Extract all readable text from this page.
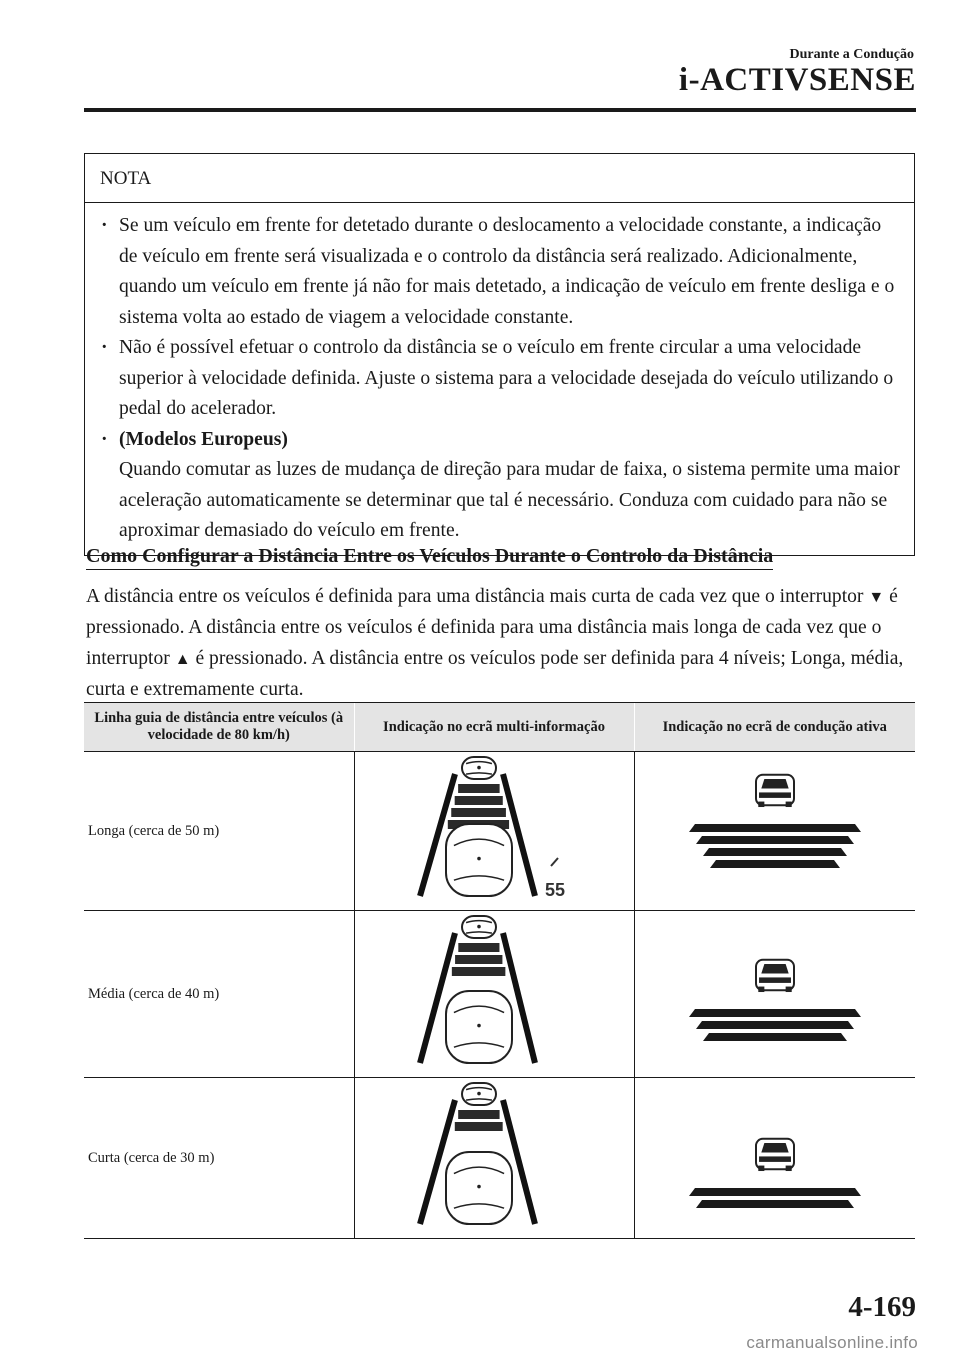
Durante a Condução
i-ACTIVSENSE
NOTA
· Se um veículo em frente for detetado durante o deslocamento a velocidade constante, a indicação de veículo em frente será visualizada e o controlo da distância será realizado. Adicionalmente, quando um veículo em frente já não for mais detetado, a indicação de veículo em frente desliga e o sistema volta ao estado de viagem a velocidade constante.
· Não é possível efetuar o controlo da distância se o veículo em frente circular a uma velocidade superior à velocidade definida. Ajuste o sistema para a velocidade desejada do veículo utilizando o pedal do acelerador.
· (Modelos Europeus)
Quando comutar as luzes de mudança de direção para mudar de faixa, o sistema permite uma maior aceleração automaticamente se determinar que tal é necessário. Conduza com cuidado para não se aproximar demasiado do veículo em frente.
Como Configurar a Distância Entre os Veículos Durante o Controlo da Distância
A distância entre os veículos é definida para uma distância mais curta de cada vez que o interruptor ▼ é pressionado. A distância entre os veículos é definida para uma distância mais longa de cada vez que o interruptor ▲ é pressionado. A distância entre os veículos pode ser definida para 4 níveis; Longa, média, curta e extremamente curta.
Linha guia de distância entre veículos (à velocidade de 80 km/h)	Indicação no ecrã multi-informação	Indicação no ecrã de condução ativa
Longa (cerca de 50 m)	55

Média (cerca de 40 m)	

Curta (cerca de 30 m)	

4-169
carmanualsonline.info
